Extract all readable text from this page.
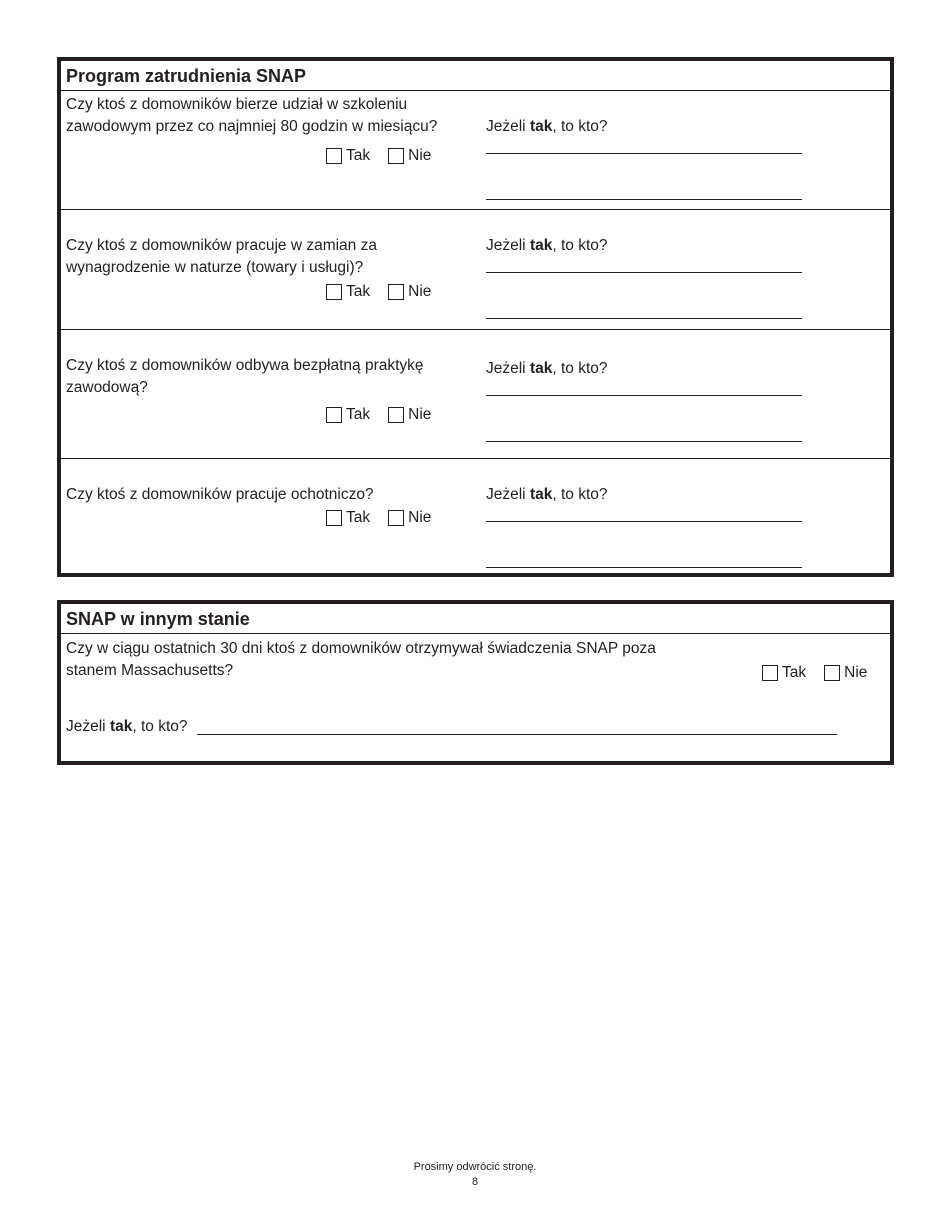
Program zatrudnienia SNAP
Czy ktoś z domowników bierze udział w szkoleniu
zawodowym przez co najmniej 80 godzin w miesiącu?
Tak Nie
Jeżeli tak, to kto?
Czy ktoś z domowników pracuje w zamian za
wynagrodzenie w naturze (towary i usługi)?
Tak Nie
Jeżeli tak, to kto?
Czy ktoś z domowników odbywa bezpłatną praktykę
zawodową?
Tak Nie
Jeżeli tak, to kto?
Czy ktoś z domowników pracuje ochotniczo?
Tak Nie
Jeżeli tak, to kto?
SNAP w innym stanie
Czy w ciągu ostatnich 30 dni ktoś z domowników otrzymywał świadczenia SNAP poza
stanem Massachusetts?	Tak Nie
Jeżeli tak, to kto?
Prosimy odwrócić stronę.
8
